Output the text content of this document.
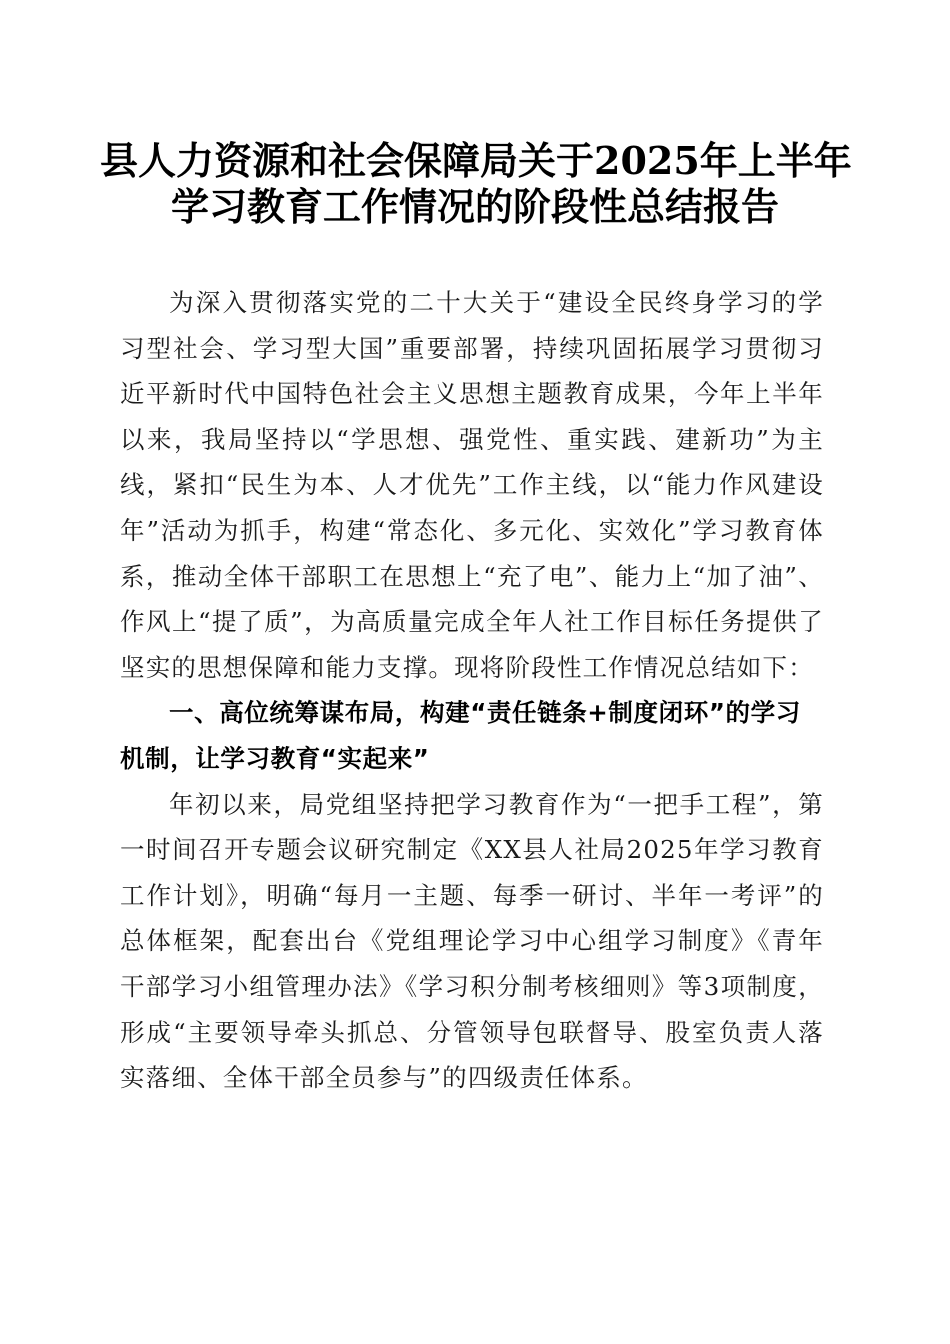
县人力资源和社会保障局关于2025年上半年
学习教育工作情况的阶段性总结报告

为深入贯彻落实党的二十大关于“建设全民终身学习的学习型社会、学习型大国”重要部署，持续巩固拓展学习贯彻习近平新时代中国特色社会主义思想主题教育成果，今年上半年以来，我局坚持以“学思想、强党性、重实践、建新功”为主线，紧扣“民生为本、人才优先”工作主线，以“能力作风建设年”活动为抓手，构建“常态化、多元化、实效化”学习教育体系，推动全体干部职工在思想上“充了电”、能力上“加了油”、作风上“提了质”，为高质量完成全年人社工作目标任务提供了坚实的思想保障和能力支撑。现将阶段性工作情况总结如下：

一、高位统筹谋布局，构建“责任链条+制度闭环”的学习机制，让学习教育“实起来”

年初以来，局党组坚持把学习教育作为“一把手工程”，第一时间召开专题会议研究制定《XX县人社局2025年学习教育工作计划》，明确“每月一主题、每季一研讨、半年一考评”的总体框架，配套出台《党组理论学习中心组学习制度》《青年干部学习小组管理办法》《学习积分制考核细则》等3项制度，形成“主要领导牵头抓总、分管领导包联督导、股室负责人落实落细、全体干部全员参与”的四级责任体系。
